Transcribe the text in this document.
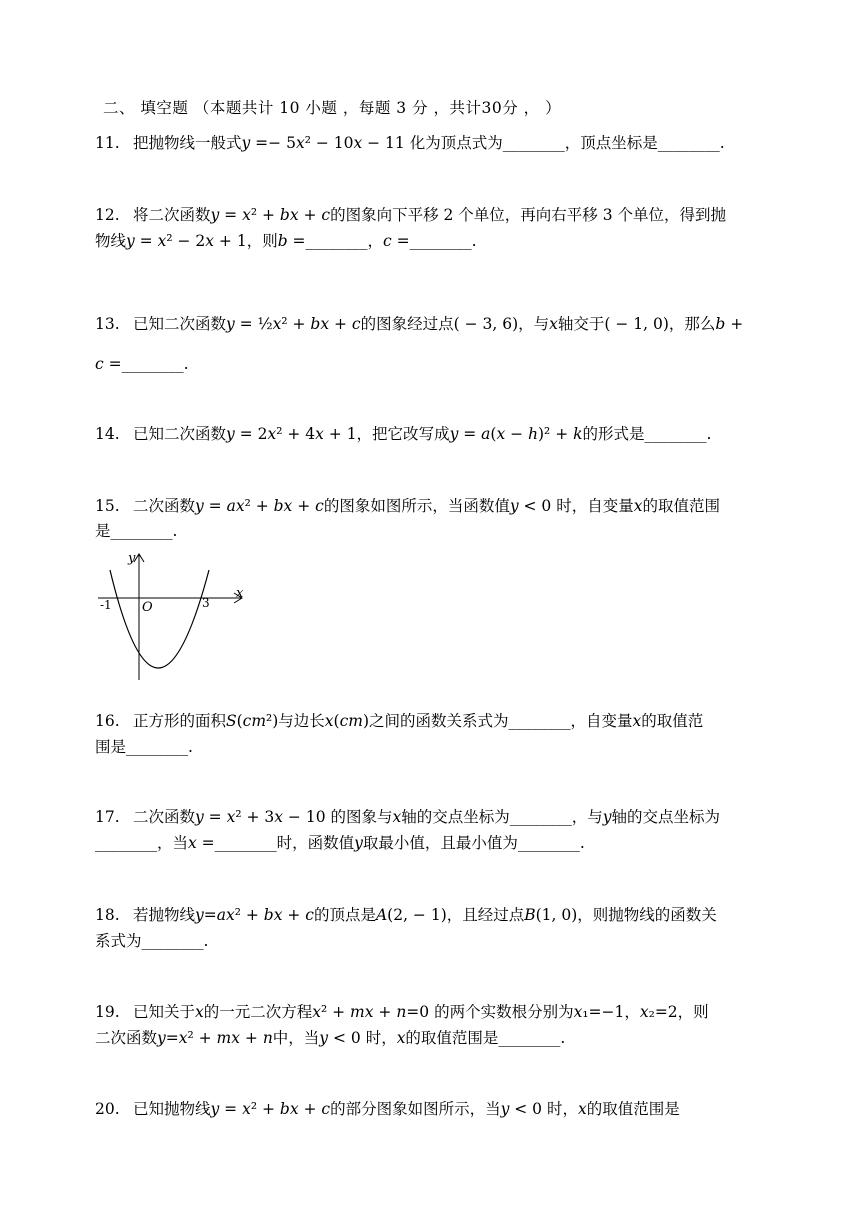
二、 填空题 （本题共计 10 小题 ，每题 3 分 ，共计30分 ， ）
11. 把抛物线一般式𝑦 =− 5𝑥² − 10𝑥 − 11 化为顶点式为________，顶点坐标是________.
12. 将二次函数𝑦 = 𝑥² + 𝑏𝑥 + 𝑐的图象向下平移 2 个单位，再向右平移 3 个单位，得到抛
物线𝑦 = 𝑥² − 2𝑥 + 1，则𝑏 =________，𝑐 =________.
13. 已知二次函数𝑦 = ½𝑥² + 𝑏𝑥 + 𝑐的图象经过点( − 3, 6)，与𝑥轴交于( − 1, 0)，那么𝑏 +
𝑐 =________.
14. 已知二次函数𝑦 = 2𝑥² + 4𝑥 + 1，把它改写成𝑦 = 𝑎(𝑥 − ℎ)² + 𝑘的形式是________.
15. 二次函数𝑦 = 𝑎𝑥² + 𝑏𝑥 + 𝑐的图象如图所示，当函数值𝑦 < 0 时，自变量𝑥的取值范围
是________.
y
x
O
-1	3
16. 正方形的面积𝑆(𝑐𝑚²)与边长𝑥(𝑐𝑚)之间的函数关系式为________，自变量𝑥的取值范
围是________.
17. 二次函数𝑦 = 𝑥² + 3𝑥 − 10 的图象与𝑥轴的交点坐标为________，与𝑦轴的交点坐标为
________，当𝑥 =________时，函数值𝑦取最小值，且最小值为________.
18. 若抛物线𝑦=𝑎𝑥² + 𝑏𝑥 + 𝑐的顶点是𝐴(2, − 1)，且经过点𝐵(1, 0)，则抛物线的函数关
系式为________.
19. 已知关于𝑥的一元二次方程𝑥² + 𝑚𝑥 + 𝑛=0 的两个实数根分别为𝑥₁=−1，𝑥₂=2，则
二次函数𝑦=𝑥² + 𝑚𝑥 + 𝑛中，当𝑦 < 0 时，𝑥的取值范围是________.
20. 已知抛物线𝑦 = 𝑥² + 𝑏𝑥 + 𝑐的部分图象如图所示，当𝑦 < 0 时，𝑥的取值范围是
